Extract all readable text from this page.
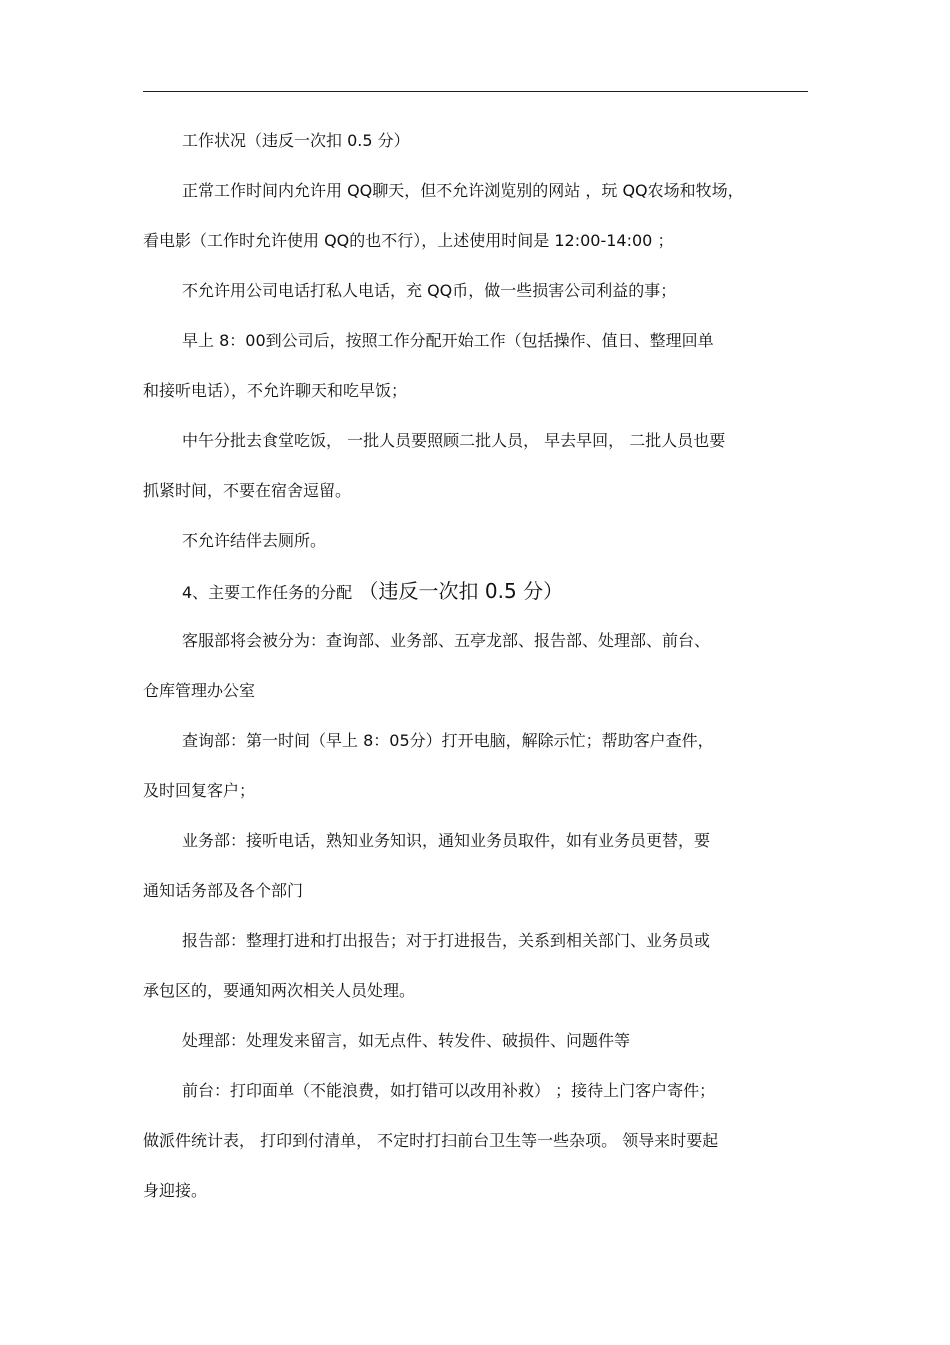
工作状况（违反一次扣 0.5 分）
正常工作时间内允许用 QQ聊天，但不允许浏览别的网站 ，玩 QQ农场和牧场，
看电影（工作时允许使用 QQ的也不行），上述使用时间是 12:00-14:00 ；
不允许用公司电话打私人电话，充 QQ币，做一些损害公司利益的事；
早上 8：00到公司后，按照工作分配开始工作（包括操作、值日、整理回单
和接听电话），不允许聊天和吃早饭；
中午分批去食堂吃饭， 一批人员要照顾二批人员， 早去早回， 二批人员也要
抓紧时间，不要在宿舍逗留。
不允许结伴去厕所。
4、主要工作任务的分配 （违反一次扣 0.5 分）
客服部将会被分为：查询部、业务部、五亭龙部、报告部、处理部、前台、
仓库管理办公室
查询部：第一时间（早上 8：05分）打开电脑，解除示忙；帮助客户查件，
及时回复客户；
业务部：接听电话，熟知业务知识，通知业务员取件，如有业务员更替，要
通知话务部及各个部门
报告部：整理打进和打出报告；对于打进报告，关系到相关部门、业务员或
承包区的，要通知两次相关人员处理。
处理部：处理发来留言，如无点件、转发件、破损件、问题件等
前台：打印面单（不能浪费，如打错可以改用补救） ；接待上门客户寄件；
做派件统计表， 打印到付清单， 不定时打扫前台卫生等一些杂项。 领导来时要起
身迎接。
